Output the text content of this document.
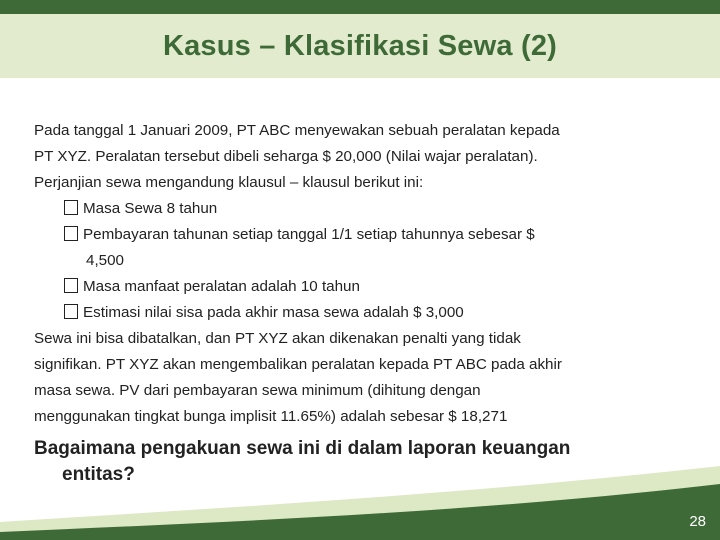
Kasus – Klasifikasi Sewa (2)
Pada tanggal 1 Januari 2009, PT ABC menyewakan sebuah peralatan kepada
PT XYZ. Peralatan tersebut dibeli seharga $ 20,000 (Nilai wajar peralatan).
Perjanjian sewa mengandung klausul – klausul berikut ini:
Masa Sewa 8 tahun
Pembayaran tahunan setiap tanggal 1/1 setiap tahunnya sebesar $
4,500
Masa manfaat peralatan adalah 10 tahun
Estimasi nilai sisa pada akhir masa sewa adalah $ 3,000
Sewa ini bisa dibatalkan, dan PT XYZ akan dikenakan penalti yang tidak
signifikan. PT XYZ akan mengembalikan peralatan kepada PT ABC pada akhir
masa sewa. PV dari pembayaran sewa minimum (dihitung dengan
menggunakan tingkat bunga implisit 11.65%) adalah sebesar $ 18,271
Bagaimana pengakuan sewa ini di dalam laporan keuangan
entitas?
28
